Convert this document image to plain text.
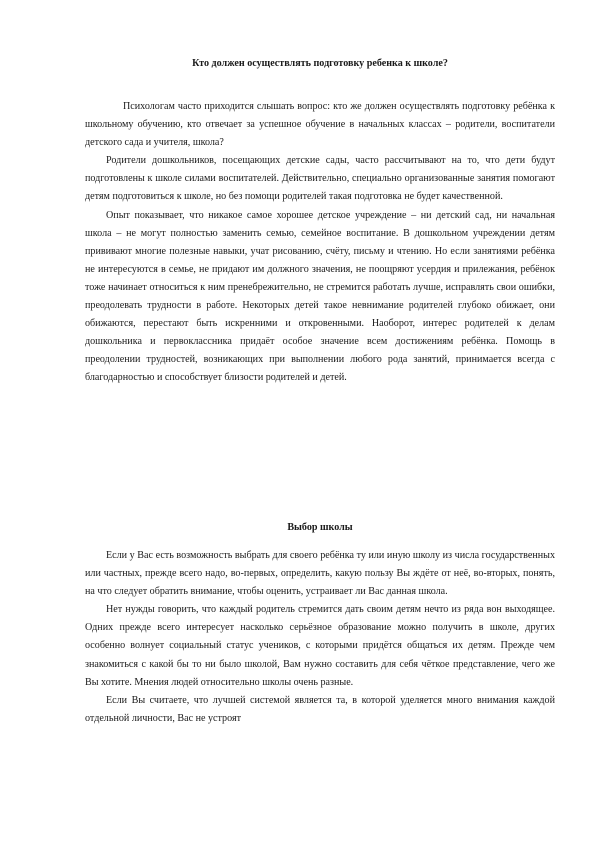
Кто должен осуществлять подготовку ребенка к школе?

Психологам часто приходится слышать вопрос: кто же должен осуществлять подготовку ребёнка к школьному обучению, кто отвечает за успешное обучение в начальных классах – родители, воспитатели детского сада и учителя, школа?

Родители дошкольников, посещающих детские сады, часто рассчитывают на то, что дети будут подготовлены к школе силами воспитателей. Действительно, специально организованные занятия помогают детям подготовиться к школе, но без помощи родителей такая подготовка не будет качественной.

Опыт показывает, что никакое самое хорошее детское учреждение – ни детский сад, ни начальная школа – не могут полностью заменить семью, семейное воспитание. В дошкольном учреждении детям прививают многие полезные навыки, учат рисованию, счёту, письму и чтению. Но если занятиями ребёнка не интересуются в семье, не придают им должного значения, не поощряют усердия и прилежания, ребёнок тоже начинает относиться к ним пренебрежительно, не стремится работать лучше, исправлять свои ошибки, преодолевать трудности в работе. Некоторых детей такое невнимание родителей глубоко обижает, они обижаются, перестают быть искренними и откровенными. Наоборот, интерес родителей к делам дошкольника и первоклассника придаёт особое значение всем достижениям ребёнка. Помощь в преодолении трудностей, возникающих при выполнении любого рода занятий, принимается всегда с благодарностью и способствует близости родителей и детей.

Выбор школы

Если у Вас есть возможность выбрать для своего ребёнка ту или иную школу из числа государственных или частных, прежде всего надо, во-первых, определить, какую пользу Вы ждёте от неё, во-вторых, понять, на что следует обратить внимание, чтобы оценить, устраивает ли Вас данная школа.

Нет нужды говорить, что каждый родитель стремится дать своим детям нечто из ряда вон выходящее. Одних прежде всего интересует насколько серьёзное образование можно получить в школе, других особенно волнует социальный статус учеников, с которыми придётся общаться их детям. Прежде чем знакомиться с какой бы то ни было школой, Вам нужно составить для себя чёткое представление, чего же Вы хотите. Мнения людей относительно школы очень разные.

Если Вы считаете, что лучшей системой является та, в которой уделяется много внимания каждой отдельной личности, Вас не устроят
